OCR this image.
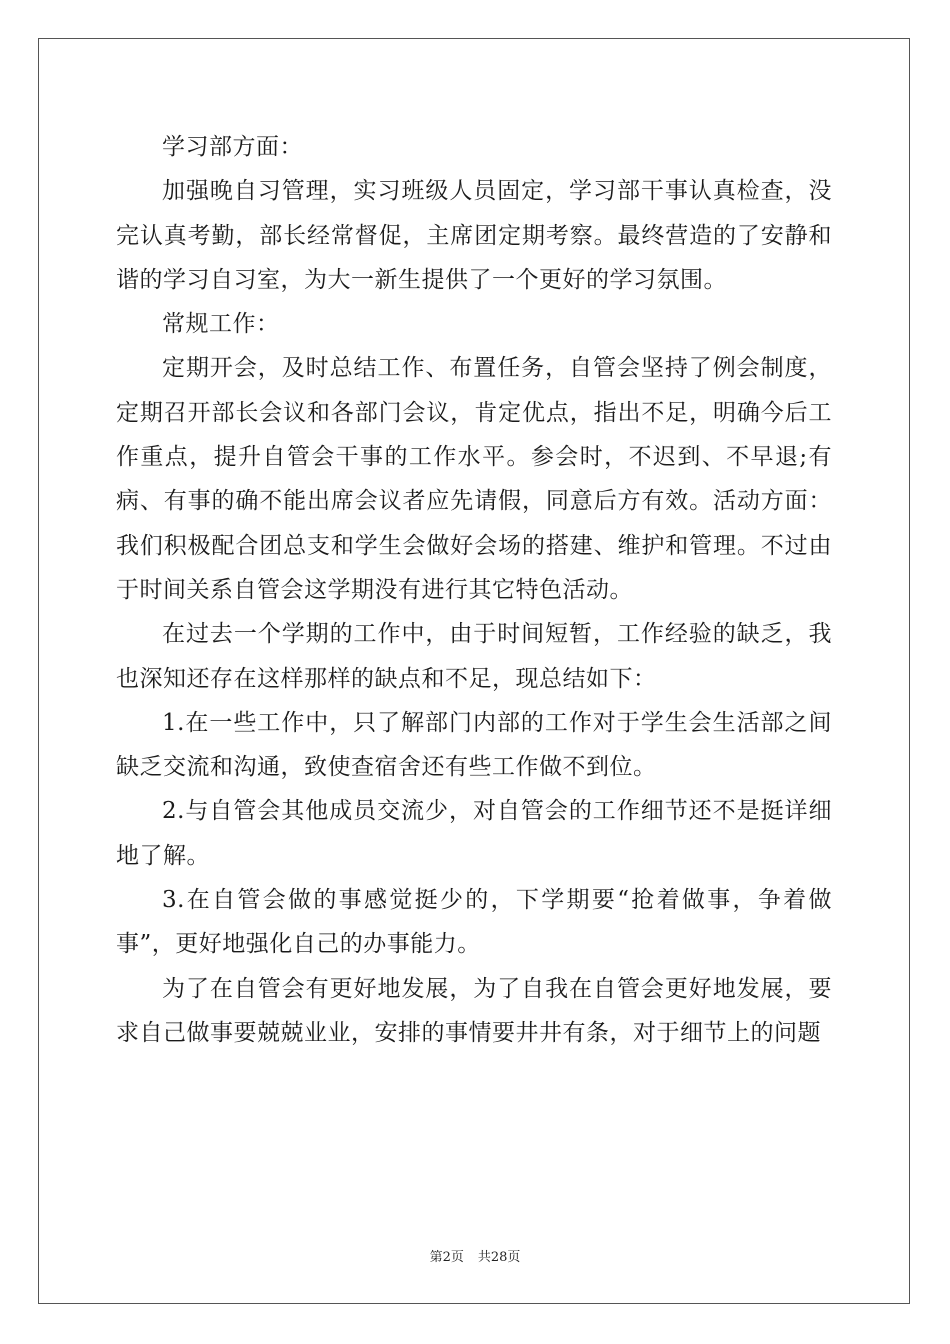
学习部方面：

加强晚自习管理，实习班级人员固定，学习部干事认真检查，没完认真考勤，部长经常督促，主席团定期考察。最终营造的了安静和谐的学习自习室，为大一新生提供了一个更好的学习氛围。

常规工作：

定期开会，及时总结工作、布置任务，自管会坚持了例会制度，定期召开部长会议和各部门会议，肯定优点，指出不足，明确今后工作重点，提升自管会干事的工作水平。参会时，不迟到、不早退;有病、有事的确不能出席会议者应先请假，同意后方有效。活动方面：我们积极配合团总支和学生会做好会场的搭建、维护和管理。不过由于时间关系自管会这学期没有进行其它特色活动。

在过去一个学期的工作中，由于时间短暂，工作经验的缺乏，我也深知还存在这样那样的缺点和不足，现总结如下：

1.在一些工作中，只了解部门内部的工作对于学生会生活部之间缺乏交流和沟通，致使查宿舍还有些工作做不到位。

2.与自管会其他成员交流少，对自管会的工作细节还不是挺详细地了解。

3.在自管会做的事感觉挺少的，下学期要“抢着做事，争着做事”，更好地强化自己的办事能力。

为了在自管会有更好地发展，为了自我在自管会更好地发展，要求自己做事要兢兢业业，安排的事情要井井有条，对于细节上的问题

第2页 共28页
